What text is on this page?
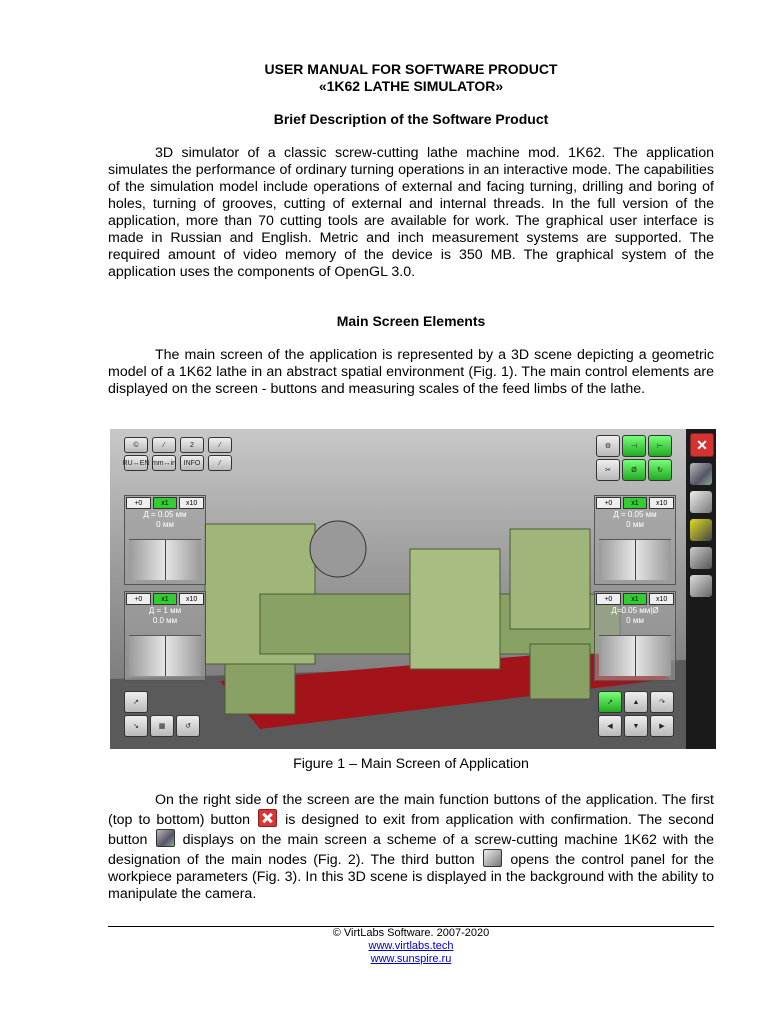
USER MANUAL FOR SOFTWARE PRODUCT
«1K62 LATHE SIMULATOR»
Brief Description of the Software Product
3D simulator of a classic screw-cutting lathe machine mod. 1K62. The application simulates the performance of ordinary turning operations in an interactive mode. The capabilities of the simulation model include operations of external and facing turning, drilling and boring of holes, turning of grooves, cutting of external and internal threads. In the full version of the application, more than 70 cutting tools are available for work. The graphical user interface is made in Russian and English. Metric and inch measurement systems are supported. The required amount of video memory of the device is 350 MB. The graphical system of the application uses the components of OpenGL 3.0.
Main Screen Elements
The main screen of the application is represented by a 3D scene depicting a geometric model of a 1K62 lathe in an abstract spatial environment (Fig. 1). The main control elements are displayed on the screen - buttons and measuring scales of the feed limbs of the lathe.
©	⁄	2	⁄
RU↔EN mm↔in	INFO	⁄
+0	x1	x10
Д = 0.05 мм
0 мм
+0	x1	x10
Д = 1 мм
0.0 мм
+0	x1	x10
Д = 0.05 мм
0 мм
+0	x1	x10
Д=0.05 мм|Ø
0 мм
⚙	⊣	⊢
✂	Ø	↻
↗
↘	▦	↺
↗	▲	↷
◀	▼	▶
✕
Figure 1 – Main Screen of Application
On the right side of the screen are the main function buttons of the application. The first (top to bottom) button is designed to exit from application with confirmation. The second button displays on the main screen a scheme of a screw-cutting machine 1K62 with the designation of the main nodes (Fig. 2). The third button	opens the control panel for the workpiece parameters (Fig. 3). In this 3D scene is displayed in the background with the ability to manipulate the camera.
© VirtLabs Software. 2007-2020
www.virtlabs.tech
www.sunspire.ru
